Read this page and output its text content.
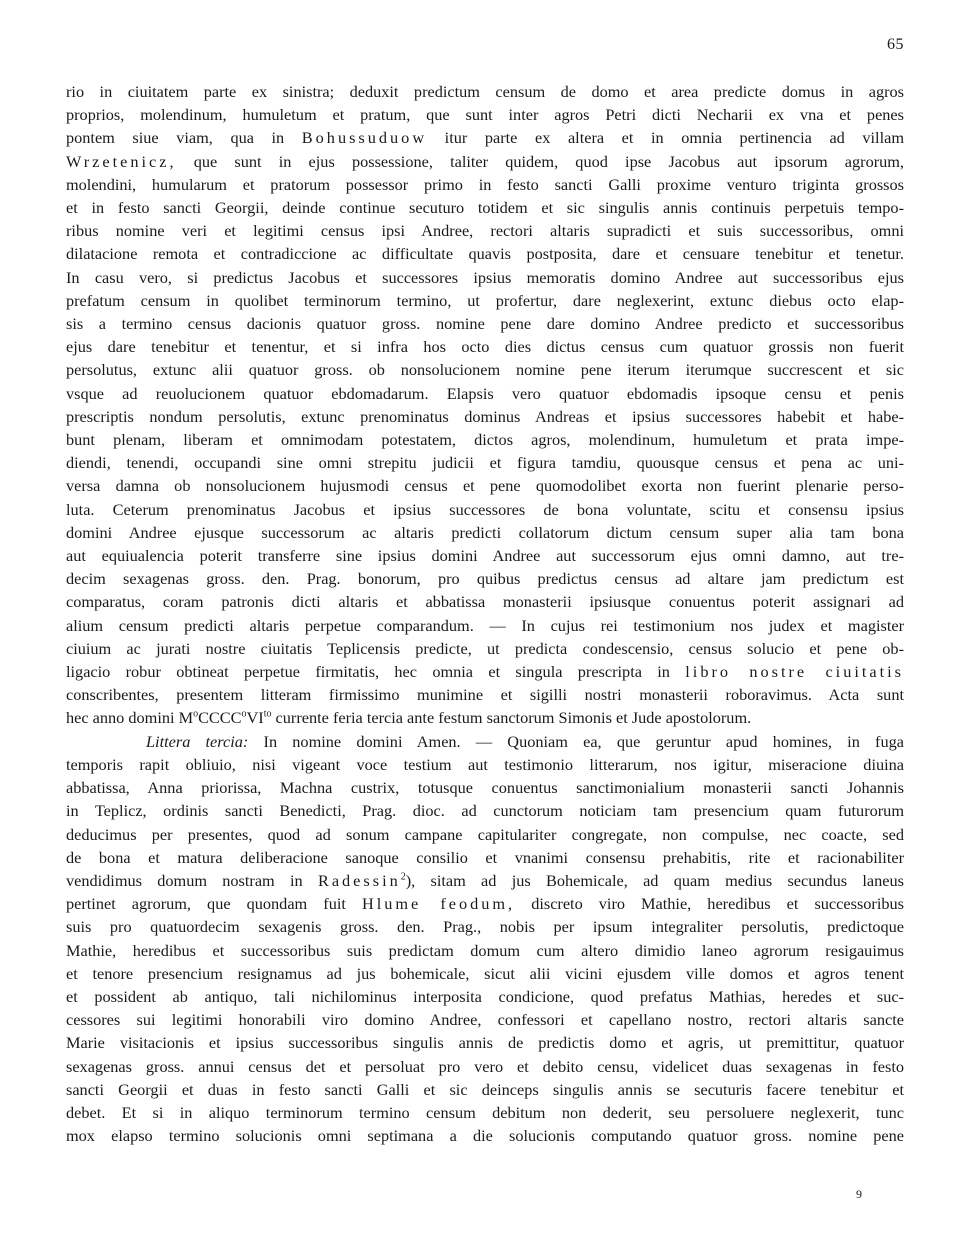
65
rio in ciuitatem parte ex sinistra; deduxit predictum censum de domo et area predicte domus in agros
proprios, molendinum, humuletum et pratum, que sunt inter agros Petri dicti Necharii ex vna et penes
pontem siue viam, qua in Bohussuduow itur parte ex altera et in omnia pertinencia ad villam
Wrzetenicz, que sunt in ejus possessione, taliter quidem, quod ipse Jacobus aut ipsorum agrorum,
molendini, humularum et pratorum possessor primo in festo sancti Galli proxime venturo triginta grossos
et in festo sancti Georgii, deinde continue secuturo totidem et sic singulis annis continuis perpetuis tempo-
ribus nomine veri et legitimi census ipsi Andree, rectori altaris supradicti et suis successoribus, omni
dilatacione remota et contradiccione ac difficultate quavis postposita, dare et censuare tenebitur et tenetur.
In casu vero, si predictus Jacobus et successores ipsius memoratis domino Andree aut successoribus ejus
prefatum censum in quolibet terminorum termino, ut profertur, dare neglexerint, extunc diebus octo elap-
sis a termino census dacionis quatuor gross. nomine pene dare domino Andree predicto et successoribus
ejus dare tenebitur et tenentur, et si infra hos octo dies dictus census cum quatuor grossis non fuerit
persolutus, extunc alii quatuor gross. ob nonsolucionem nomine pene iterum iterumque succrescent et sic
vsque ad reuolucionem quatuor ebdomadarum. Elapsis vero quatuor ebdomadis ipsoque censu et penis
prescriptis nondum persolutis, extunc prenominatus dominus Andreas et ipsius successores habebit et habe-
bunt plenam, liberam et omnimodam potestatem, dictos agros, molendinum, humuletum et prata impe-
diendi, tenendi, occupandi sine omni strepitu judicii et figura tamdiu, quousque census et pena ac uni-
versa damna ob nonsolucionem hujusmodi census et pene quomodolibet exorta non fuerint plenarie perso-
luta. Ceterum prenominatus Jacobus et ipsius successores de bona voluntate, scitu et consensu ipsius
domini Andree ejusque successorum ac altaris predicti collatorum dictum censum super alia tam bona
aut equiualencia poterit transferre sine ipsius domini Andree aut successorum ejus omni damno, aut tre-
decim sexagenas gross. den. Prag. bonorum, pro quibus predictus census ad altare jam predictum est
comparatus, coram patronis dicti altaris et abbatissa monasterii ipsiusque conuentus poterit assignari ad
alium censum predicti altaris perpetue comparandum. — In cujus rei testimonium nos judex et magister
ciuium ac jurati nostre ciuitatis Teplicensis predicte, ut predicta condescensio, census solucio et pene ob-
ligacio robur obtineat perpetue firmitatis, hec omnia et singula prescripta in libro nostre ciuitatis
conscribentes, presentem litteram firmissimo munimine et sigilli nostri monasterii roboravimus. Acta sunt
hec anno domini $M^oCCCC^oVI^{to}$ currente feria tercia ante festum sanctorum Simonis et Jude apostolorum.
Littera tercia: In nomine domini Amen. — Quoniam ea, que geruntur apud homines, in fuga
temporis rapit obliuio, nisi vigeant voce testium aut testimonio litterarum, nos igitur, miseracione diuina
abbatissa, Anna priorissa, Machna custrix, totusque conuentus sanctimonialium monasterii sancti Johannis
in Teplicz, ordinis sancti Benedicti, Prag. dioc. ad cunctorum noticiam tam presencium quam futurorum
deducimus per presentes, quod ad sonum campane capitulariter congregate, non compulse, nec coacte, sed
de bona et matura deliberacione sanoque consilio et vnanimi consensu prehabitis, rite et racionabiliter
vendidimus domum nostram in Radessin$^2$), sitam ad jus Bohemicale, ad quam medius secundus laneus
pertinet agrorum, que quondam fuit Hlume feodum, discreto viro Mathie, heredibus et successoribus
suis pro quatuordecim sexagenis gross. den. Prag., nobis per ipsum integraliter persolutis, predictoque
Mathie, heredibus et successoribus suis predictam domum cum altero dimidio laneo agrorum resigauimus
et tenore presencium resignamus ad jus bohemicale, sicut alii vicini ejusdem ville domos et agros tenent
et possident ab antiquo, tali nichilominus interposita condicione, quod prefatus Mathias, heredes et suc-
cessores sui legitimi honorabili viro domino Andree, confessori et capellano nostro, rectori altaris sancte
Marie visitacionis et ipsius successoribus singulis annis de predictis domo et agris, ut premittitur, quatuor
sexagenas gross. annui census det et persoluat pro vero et debito censu, videlicet duas sexagenas in festo
sancti Georgii et duas in festo sancti Galli et sic deinceps singulis annis se secuturis facere tenebitur et
debet. Et si in aliquo terminorum termino censum debitum non dederit, seu persoluere neglexerit, tunc
mox elapso termino solucionis omni septimana a die solucionis computando quatuor gross. nomine pene
9
